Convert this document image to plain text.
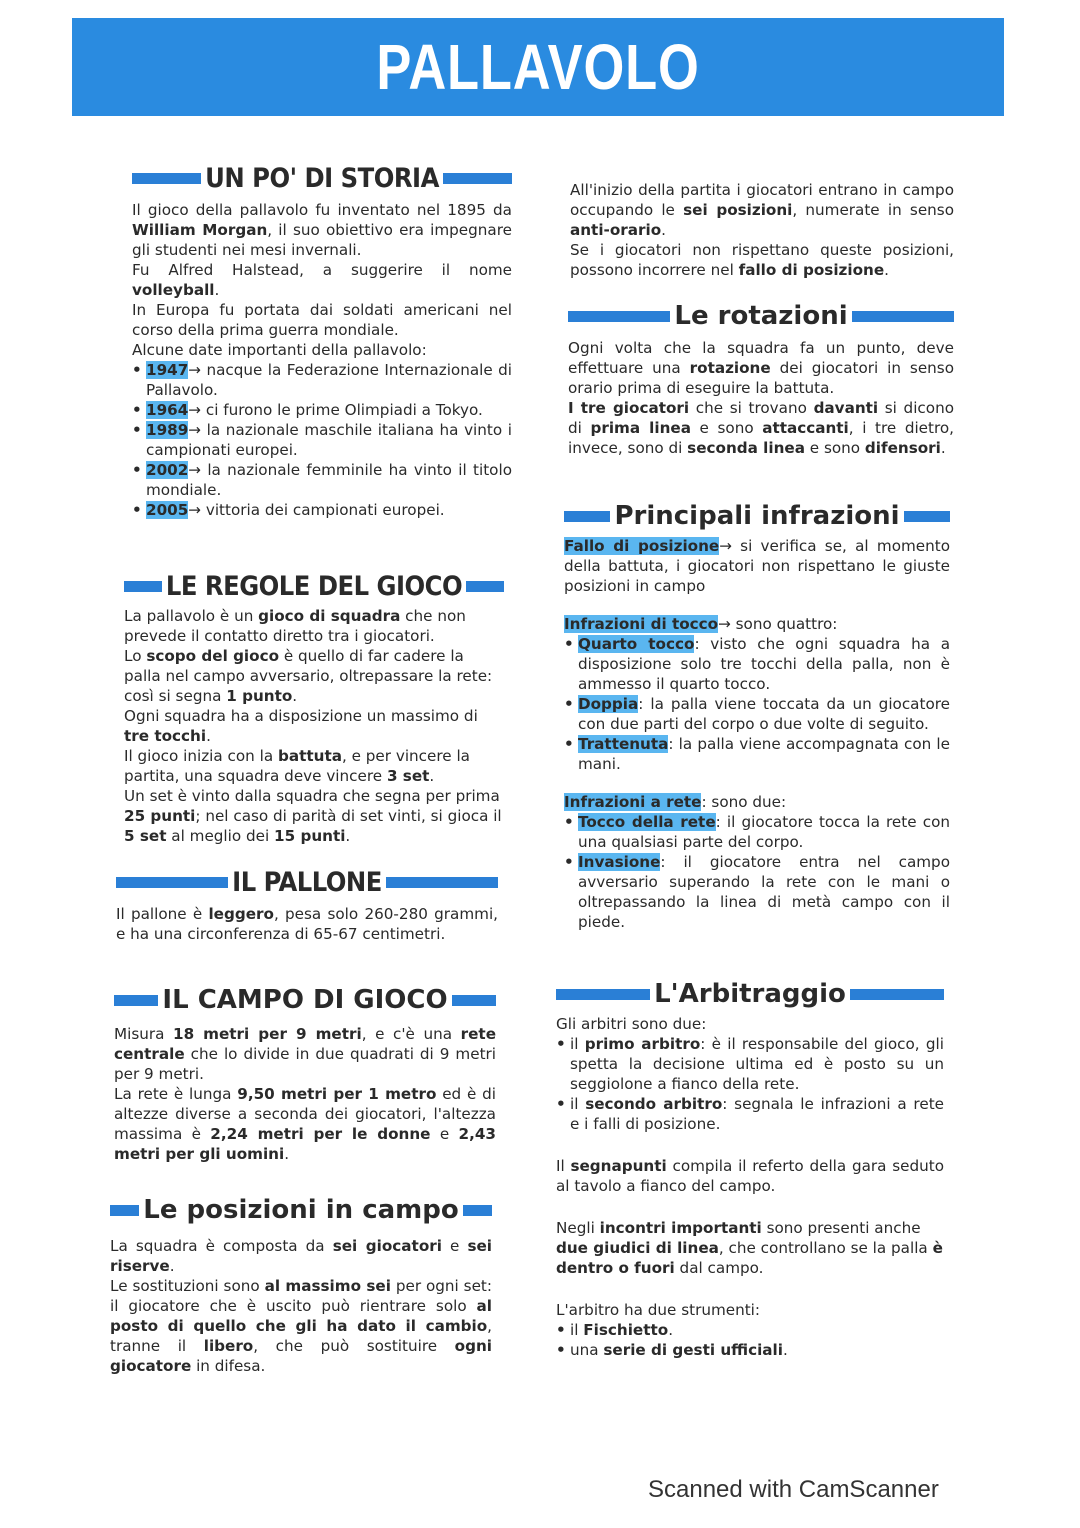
PALLAVOLO
UN PO' DI STORIA

Il gioco della pallavolo fu inventato nel 1895 da William Morgan, il suo obiettivo era impegnare gli studenti nei mesi invernali.

Fu Alfred Halstead, a suggerire il nome volleyball.

In Europa fu portata dai soldati americani nel corso della prima guerra mondiale.

Alcune date importanti della pallavolo:

• 1947→ nacque la Federazione Internazionale di Pallavolo.
• 1964→ ci furono le prime Olimpiadi a Tokyo.
• 1989→ la nazionale maschile italiana ha vinto i campionati europei.
• 2002→ la nazionale femminile ha vinto il titolo mondiale.
• 2005→ vittoria dei campionati europei.
LE REGOLE DEL GIOCO

La pallavolo è un gioco di squadra che non prevede il contatto diretto tra i giocatori.

Lo scopo del gioco è quello di far cadere la palla nel campo avversario, oltrepassare la rete: così si segna 1 punto.

Ogni squadra ha a disposizione un massimo di tre tocchi.

Il gioco inizia con la battuta, e per vincere la partita, una squadra deve vincere 3 set.

Un set è vinto dalla squadra che segna per prima 25 punti; nel caso di parità di set vinti, si gioca il 5 set al meglio dei 15 punti.

IL PALLONE

Il pallone è leggero, pesa solo 260-280 grammi, e ha una circonferenza di 65-67 centimetri.

IL CAMPO DI GIOCO

Misura 18 metri per 9 metri, e c'è una rete centrale che lo divide in due quadrati di 9 metri per 9 metri.

La rete è lunga 9,50 metri per 1 metro ed è di altezze diverse a seconda dei giocatori, l'altezza massima è 2,24 metri per le donne e 2,43 metri per gli uomini.

Le posizioni in campo

La squadra è composta da sei giocatori e sei riserve.

Le sostituzioni sono al massimo sei per ogni set: il giocatore che è uscito può rientrare solo al posto di quello che gli ha dato il cambio, tranne il libero, che può sostituire ogni giocatore in difesa.

All'inizio della partita i giocatori entrano in campo occupando le sei posizioni, numerate in senso anti-orario.

Se i giocatori non rispettano queste posizioni, possono incorrere nel fallo di posizione.

Le rotazioni

Ogni volta che la squadra fa un punto, deve effettuare una rotazione dei giocatori in senso orario prima di eseguire la battuta.

I tre giocatori che si trovano davanti si dicono di prima linea e sono attaccanti, i tre dietro, invece, sono di seconda linea e sono difensori.

Principali infrazioni

Fallo di posizione→ si verifica se, al momento della battuta, i giocatori non rispettano le giuste posizioni in campo

Infrazioni di tocco→ sono quattro:

• Quarto tocco: visto che ogni squadra ha a disposizione solo tre tocchi della palla, non è ammesso il quarto tocco.
• Doppia: la palla viene toccata da un giocatore con due parti del corpo o due volte di seguito.
• Trattenuta: la palla viene accompagnata con le mani.

Infrazioni a rete: sono due:

• Tocco della rete: il giocatore tocca la rete con una qualsiasi parte del corpo.
• Invasione: il giocatore entra nel campo avversario superando la rete con le mani o oltrepassando la linea di metà campo con il piede.
L'Arbitraggio

Gli arbitri sono due:

• il primo arbitro: è il responsabile del gioco, gli spetta la decisione ultima ed è posto su un seggiolone a fianco della rete.
• il secondo arbitro: segnala le infrazioni a rete e i falli di posizione.

Il segnapunti compila il referto della gara seduto al tavolo a fianco del campo.

Negli incontri importanti sono presenti anche due giudici di linea, che controllano se la palla è dentro o fuori dal campo.

L'arbitro ha due strumenti:

• il Fischietto.
• una serie di gesti ufficiali.
Scanned with CamScanner
